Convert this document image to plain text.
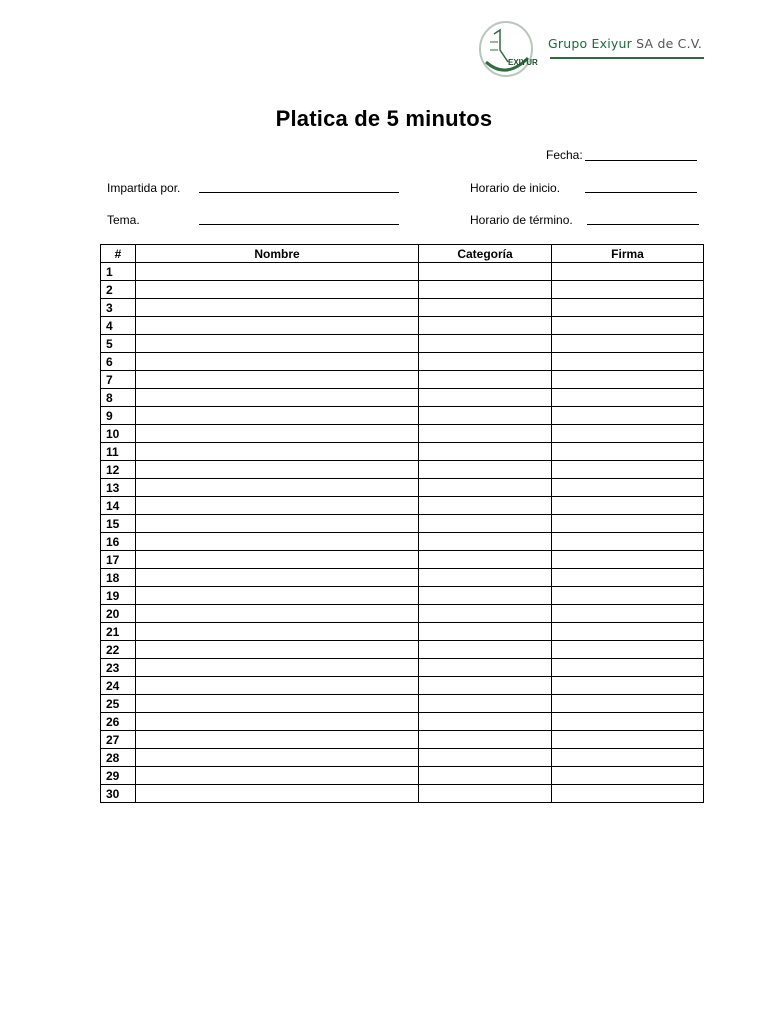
EXIYUR
Grupo Exiyur SA de C.V.
Platica de 5 minutos
Fecha:
Impartida por.	Horario de inicio.
Tema.	Horario de término.
#	Nombre	Categoría	Firma
1			
2			
3			
4			
5			
6			
7			
8			
9			
10			
11			
12			
13			
14			
15			
16			
17			
18			
19			
20			
21			
22			
23			
24			
25			
26			
27			
28			
29			
30			
